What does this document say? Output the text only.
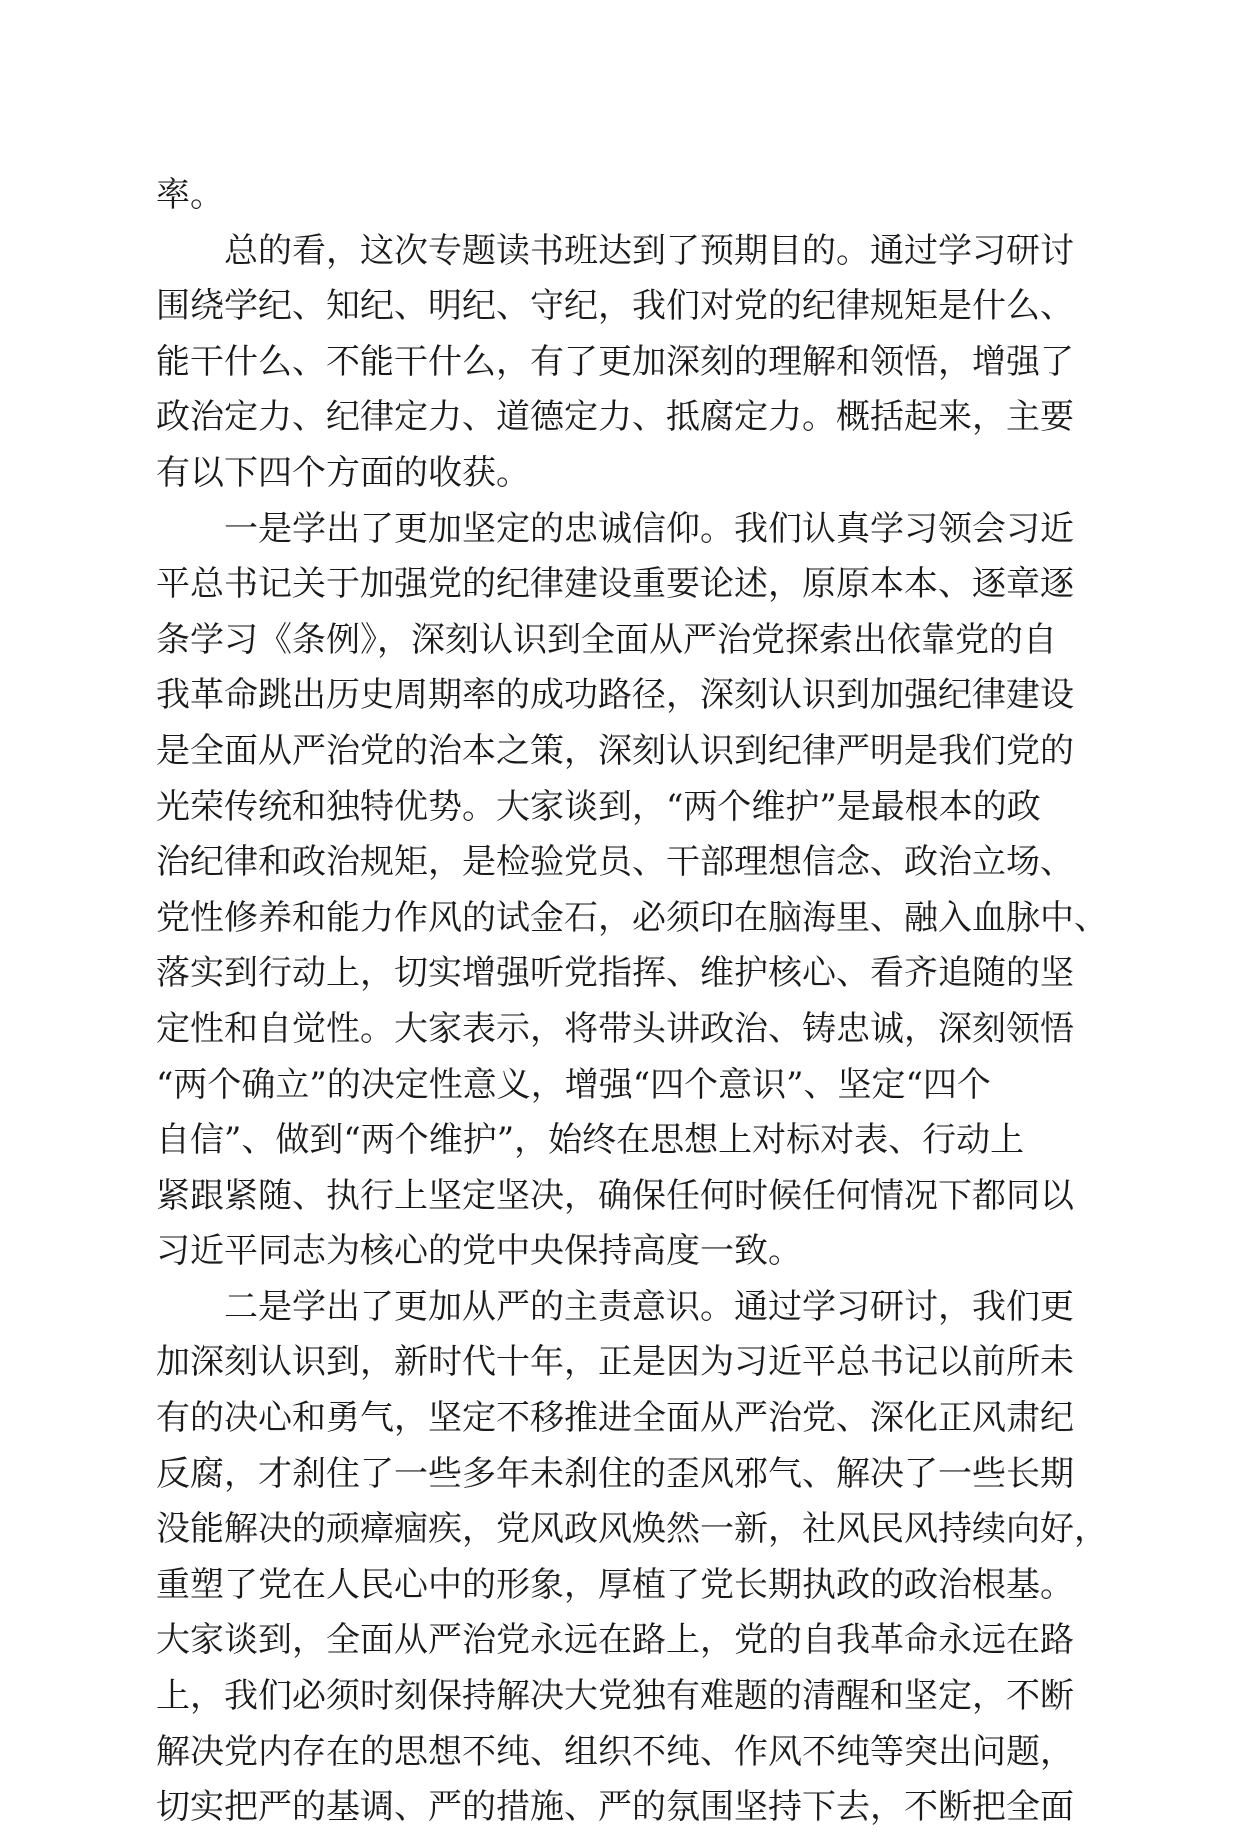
率。
总的看，这次专题读书班达到了预期目的。通过学习研讨
围绕学纪、知纪、明纪、守纪，我们对党的纪律规矩是什么、
能干什么、不能干什么，有了更加深刻的理解和领悟，增强了
政治定力、纪律定力、道德定力、抵腐定力。概括起来，主要
有以下四个方面的收获。
一是学出了更加坚定的忠诚信仰。我们认真学习领会习近
平总书记关于加强党的纪律建设重要论述，原原本本、逐章逐
条学习《条例》，深刻认识到全面从严治党探索出依靠党的自
我革命跳出历史周期率的成功路径，深刻认识到加强纪律建设
是全面从严治党的治本之策，深刻认识到纪律严明是我们党的
光荣传统和独特优势。大家谈到，“两个维护”是最根本的政
治纪律和政治规矩，是检验党员、干部理想信念、政治立场、
党性修养和能力作风的试金石，必须印在脑海里、融入血脉中、
落实到行动上，切实增强听党指挥、维护核心、看齐追随的坚
定性和自觉性。大家表示，将带头讲政治、铸忠诚，深刻领悟
“两个确立”的决定性意义，增强“四个意识”、坚定“四个
自信”、做到“两个维护”，始终在思想上对标对表、行动上
紧跟紧随、执行上坚定坚决，确保任何时候任何情况下都同以
习近平同志为核心的党中央保持高度一致。
二是学出了更加从严的主责意识。通过学习研讨，我们更
加深刻认识到，新时代十年，正是因为习近平总书记以前所未
有的决心和勇气，坚定不移推进全面从严治党、深化正风肃纪
反腐，才刹住了一些多年未刹住的歪风邪气、解决了一些长期
没能解决的顽瘴痼疾，党风政风焕然一新，社风民风持续向好，
重塑了党在人民心中的形象，厚植了党长期执政的政治根基。
大家谈到，全面从严治党永远在路上，党的自我革命永远在路
上，我们必须时刻保持解决大党独有难题的清醒和坚定，不断
解决党内存在的思想不纯、组织不纯、作风不纯等突出问题，
切实把严的基调、严的措施、严的氛围坚持下去，不断把全面
